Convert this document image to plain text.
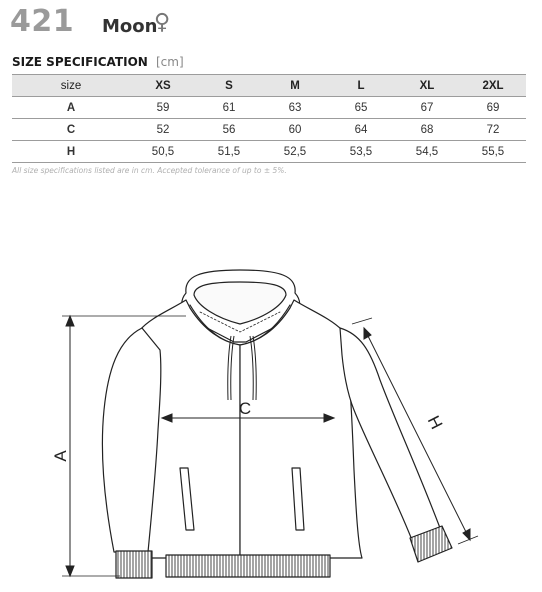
421 Moon
♀
SIZE SPECIFICATION [cm]
size	XS	S	M	L	XL	2XL
A	59	61	63	65	67	69
C	52	56	60	64	68	72
H	50,5	51,5	52,5	53,5	54,5	55,5
All size specifications listed are in cm. Accepted tolerance of up to ± 5%.
A
C
H
